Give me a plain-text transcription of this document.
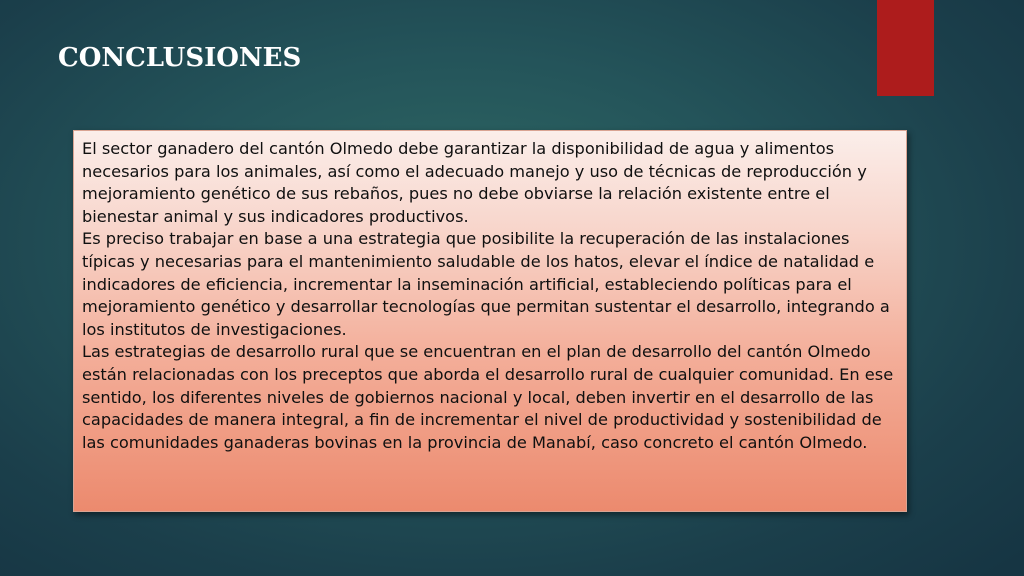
CONCLUSIONES

El sector ganadero del cantón Olmedo debe garantizar la disponibilidad de agua y alimentos necesarios para los animales, así como el adecuado manejo y uso de técnicas de reproducción y mejoramiento genético de sus rebaños, pues no debe obviarse la relación existente entre el bienestar animal y sus indicadores productivos.

Es preciso trabajar en base a una estrategia que posibilite la recuperación de las instalaciones típicas y necesarias para el mantenimiento saludable de los hatos, elevar el índice de natalidad e indicadores de eficiencia, incrementar la inseminación artificial, estableciendo políticas para el mejoramiento genético y desarrollar tecnologías que permitan sustentar el desarrollo, integrando a los institutos de investigaciones.

Las estrategias de desarrollo rural que se encuentran en el plan de desarrollo del cantón Olmedo están relacionadas con los preceptos que aborda el desarrollo rural de cualquier comunidad. En ese sentido, los diferentes niveles de gobiernos nacional y local, deben invertir en el desarrollo de las capacidades de manera integral, a fin de incrementar el nivel de productividad y sostenibilidad de las comunidades ganaderas bovinas en la provincia de Manabí, caso concreto el cantón Olmedo.
